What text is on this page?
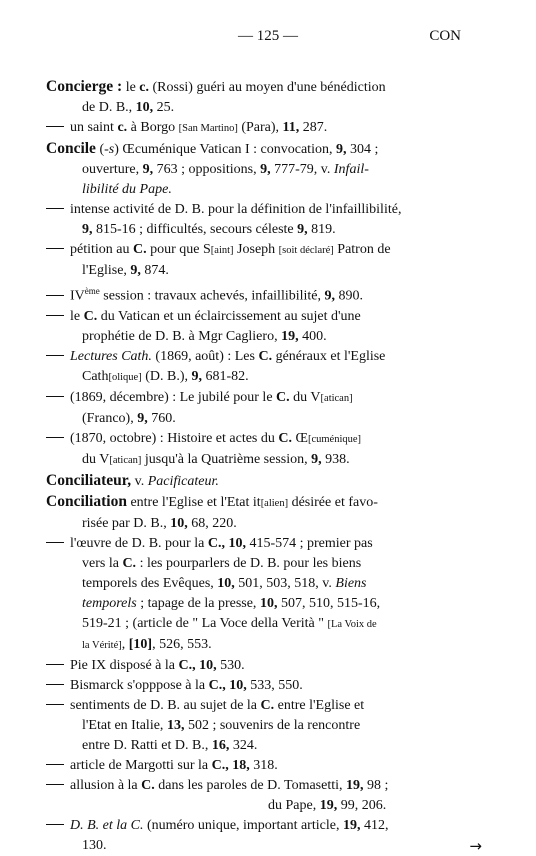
— 125 —	CON
Concierge : le c. (Rossi) guéri au moyen d'une bénédiction
de D. B., 10, 25.
un saint c. à Borgo [San Martino] (Para), 11, 287.
Concile (-s) Œcuménique Vatican I : convocation, 9, 304 ;
ouverture, 9, 763 ; oppositions, 9, 777-79, v. Infail-
libilité du Pape.
intense activité de D. B. pour la définition de l'infaillibilité,
9, 815-16 ; difficultés, secours céleste 9, 819.
pétition au C. pour que S[aint] Joseph [soit déclaré] Patron de
l'Eglise, 9, 874.
IVème session : travaux achevés, infaillibilité, 9, 890.
le C. du Vatican et un éclaircissement au sujet d'une
prophétie de D. B. à Mgr Cagliero, 19, 400.
Lectures Cath. (1869, août) : Les C. généraux et l'Eglise
Cath[olique] (D. B.), 9, 681-82.
(1869, décembre) : Le jubilé pour le C. du V[atican]
(Franco), 9, 760.
(1870, octobre) : Histoire et actes du C. Œ[cuménique]
du V[atican] jusqu'à la Quatrième session, 9, 938.
Conciliateur, v. Pacificateur.
Conciliation entre l'Eglise et l'Etat it[alien] désirée et favo-
risée par D. B., 10, 68, 220.
l'œuvre de D. B. pour la C., 10, 415-574 ; premier pas
vers la C. : les pourparlers de D. B. pour les biens
temporels des Evêques, 10, 501, 503, 518, v. Biens
temporels ; tapage de la presse, 10, 507, 510, 515-16,
519-21 ; (article de " La Voce della Verità " [La Voix de
la Vérité], [10], 526, 553.
Pie IX disposé à la C., 10, 530.
Bismarck s'opppose à la C., 10, 533, 550.
sentiments de D. B. au sujet de la C. entre l'Eglise et
l'Etat en Italie, 13, 502 ; souvenirs de la rencontre
entre D. Ratti et D. B., 16, 324.
article de Margotti sur la C., 18, 318.
allusion à la C. dans les paroles de D. Tomasetti, 19, 98 ;
du Pape, 19, 99, 206.
D. B. et la C. (numéro unique, important article, 19, 412,
130.	→
